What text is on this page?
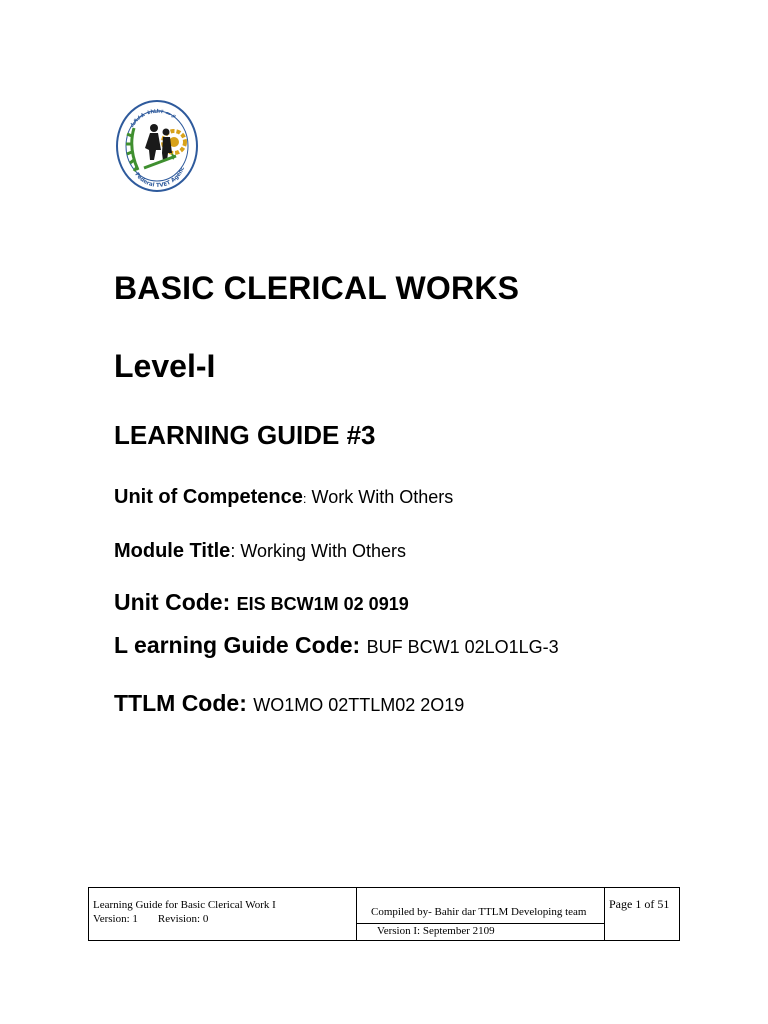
ፌዴራል ቴክኒክና ሙያ
Federal TVET Agenc
BASIC CLERICAL WORKS
Level-I
LEARNING GUIDE #3
Unit of Competence: Work With Others
Module Title: Working With Others
Unit Code: EIS BCW1M 02 0919
L earning Guide Code: BUF BCW1 02LO1LG-3
TTLM Code: WO1MO 02TTLM02 2O19
Learning Guide for Basic Clerical Work I
Version: 1 Revision: 0
Compiled by- Bahir dar TTLM Developing team
Version I: September 2109
Page 1 of 51
